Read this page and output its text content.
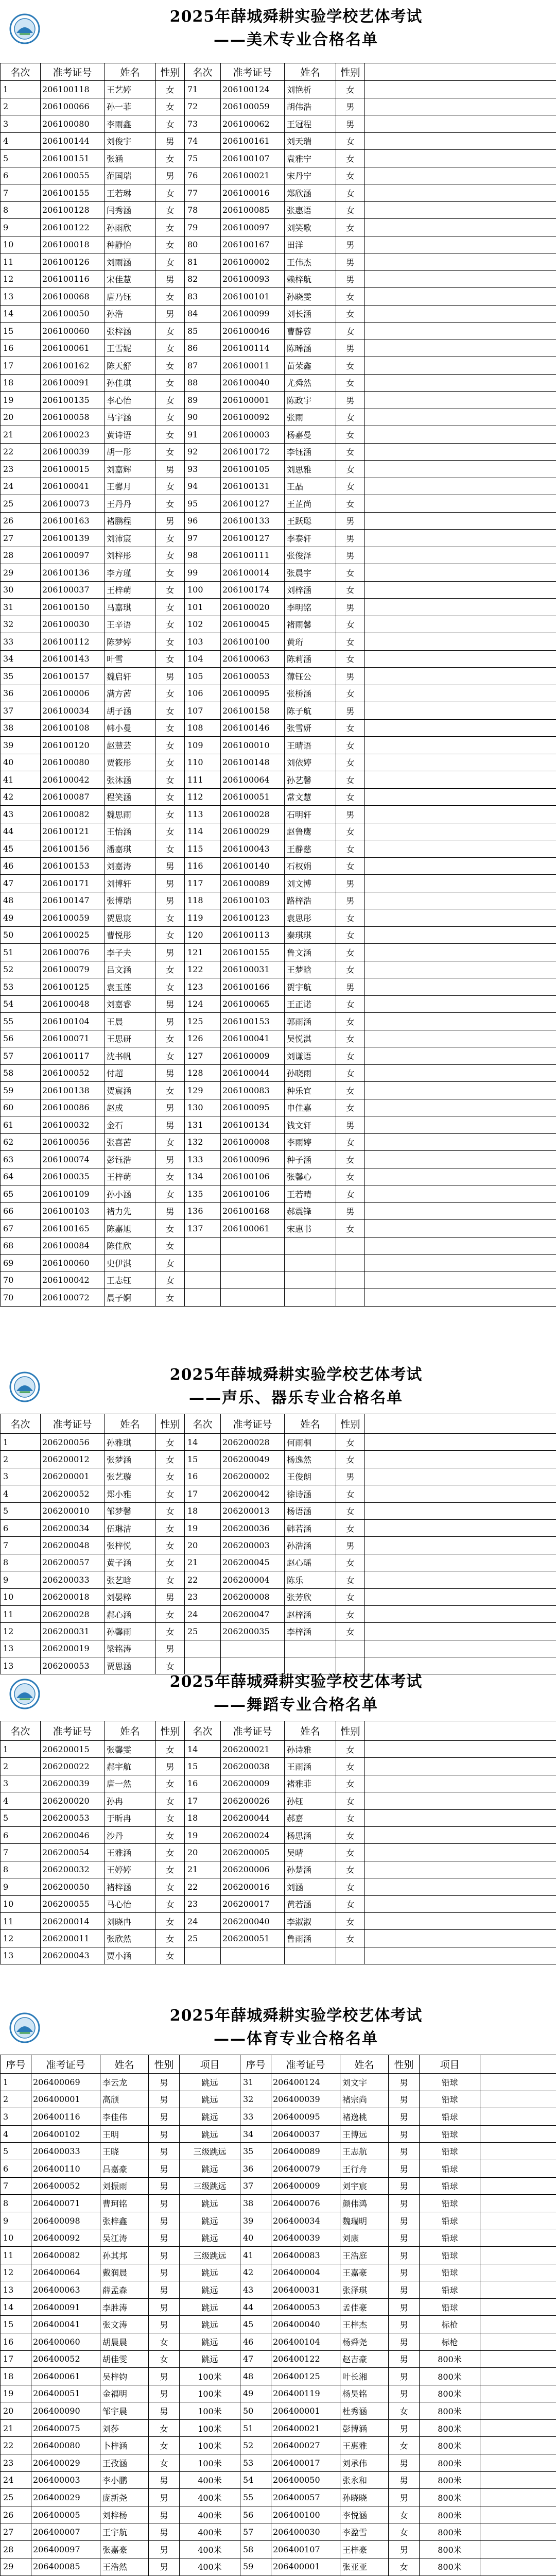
2025年薛城舜耕实验学校艺体考试
——美术专业合格名单
名次	准考证号	姓名	性别	名次	准考证号	姓名	性别	
1	206100118	王艺婷	女	71	206100124	刘艳析	女	
2	206100066	孙一菲	女	72	206100059	胡伟浩	男	
3	206100080	李雨鑫	女	73	206100062	王冠程	男	
4	206100144	刘俊宇	男	74	206100161	刘天瑞	女	
5	206100151	张涵	女	75	206100107	袁雅宁	女	
6	206100055	范国瑞	男	76	206100021	宋丹宁	女	
7	206100155	王若琳	女	77	206100016	郑欣涵	女	
8	206100128	闫秀涵	女	78	206100085	张惠语	女	
9	206100122	孙雨欣	女	79	206100097	刘笑歌	女	
10	206100018	种静怡	女	80	206100167	田洋	男	
11	206100126	刘雨涵	女	81	206100002	王伟杰	男	
12	206100116	宋佳慧	男	82	206100093	赖梓航	男	
13	206100068	唐乃钰	女	83	206100101	孙晓雯	女	
14	206100050	孙浩	男	84	206100099	刘长涵	女	
15	206100060	张梓涵	女	85	206100046	曹静蓉	女	
16	206100061	王雪妮	女	86	206100114	陈晞涵	男	
17	206100162	陈天舒	女	87	206100011	苗荣鑫	女	
18	206100091	孙佳琪	女	88	206100040	尤舜然	女	
19	206100135	李心怡	女	89	206100001	陈政宇	男	
20	206100058	马宇涵	女	90	206100092	张雨	女	
21	206100023	黄诗语	女	91	206100003	杨嘉曼	女	
22	206100039	胡一彤	女	92	206100172	李钰涵	女	
23	206100015	刘嘉辉	男	93	206100105	刘思雅	女	
24	206100041	王馨月	女	94	206100131	王晶	女	
25	206100073	王丹丹	女	95	206100127	王芷尚	女	
26	206100163	褚鹏程	男	96	206100133	王跃聪	男	
27	206100139	刘沛宸	女	97	206100127	李泰轩	男	
28	206100097	刘梓彤	女	98	206100111	张俊泽	男	
29	206100136	李方瑾	女	99	206100014	张晨宇	女	
30	206100037	王梓萌	女	100	206100174	刘梓涵	女	
31	206100150	马嘉琪	女	101	206100020	李明铭	男	
32	206100030	王辛语	女	102	206100045	褚雨馨	女	
33	206100112	陈梦婷	女	103	206100100	黄珩	女	
34	206100143	叶雪	女	104	206100063	陈莉涵	女	
35	206100157	魏启轩	男	105	206100053	薄钰公	男	
36	206100006	满方茜	女	106	206100095	张桥涵	女	
37	206100034	胡子涵	女	107	206100158	陈子航	男	
38	206100108	韩小曼	女	108	206100146	张雪妍	女	
39	206100120	赵慧芸	女	109	206100010	王晴语	女	
40	206100080	贾筱彤	女	110	206100148	刘依婷	女	
41	206100042	张沐涵	女	111	206100064	孙艺馨	女	
42	206100087	程笑涵	女	112	206100051	常文慧	女	
43	206100082	魏思雨	女	113	206100028	石明轩	男	
44	206100121	王怡涵	女	114	206100029	赵鲁鹰	女	
45	206100156	潘嘉琪	女	115	206100043	王静慈	女	
46	206100153	刘嘉涛	男	116	206100140	石权娟	女	
47	206100171	刘博轩	男	117	206100089	刘文博	男	
48	206100147	张博瑞	男	118	206100103	路梓浩	男	
49	206100059	贺思宸	女	119	206100123	袁思彤	女	
50	206100025	曹悦彤	女	120	206100113	秦琪琪	女	
51	206100076	李子夫	男	121	206100155	鲁文涵	女	
52	206100079	吕文涵	女	122	206100031	王梦晗	女	
53	206100125	袁玉莲	女	123	206100166	贺宇航	男	
54	206100048	刘嘉睿	男	124	206100065	王正诺	女	
55	206100104	王晨	男	125	206100153	郭雨涵	女	
56	206100071	王思研	女	126	206100041	吴悦淇	女	
57	206100117	沈书帆	女	127	206100009	刘谦语	女	
58	206100052	付超	男	128	206100044	孙晓雨	女	
59	206100138	贺宸涵	女	129	206100083	种乐宜	女	
60	206100086	赵成	男	130	206100095	申佳嘉	女	
61	206100032	金石	男	131	206100134	钱文轩	男	
62	206100056	张喜茜	女	132	206100008	李雨婷	女	
63	206100074	彭钰浩	男	133	206100096	种子涵	女	
64	206100035	王梓萌	女	134	206100106	张馨心	女	
65	206100109	孙小涵	女	135	206100106	王若晴	女	
66	206100103	褚力先	男	136	206100168	郝震锋	男	
67	206100165	陈嘉旭	女	137	206100061	宋惠书	女	
68	206100084	陈佳欣	女					
69	206100060	史伊淇	女					
70	206100042	王志钰	女					
70	206100072	晨子婀	女					
2025年薛城舜耕实验学校艺体考试
——声乐、器乐专业合格名单
名次	准考证号	姓名	性别	名次	准考证号	姓名	性别	
1	206200056	孙雅琪	女	14	206200028	何雨桐	女	
2	206200012	张梦涵	女	15	206200049	杨逸然	女	
3	206200001	张艺璇	女	16	206200002	王俊朗	男	
4	206200052	郑小雅	女	17	206200042	徐诗涵	女	
5	206200010	邹梦馨	女	18	206200013	杨语涵	女	
6	206200034	伍琳洁	女	19	206200036	韩若涵	女	
7	206200048	张梓悦	女	20	206200003	孙浩涵	男	
8	206200057	黄子涵	女	21	206200045	赵心瑶	女	
9	206200033	张艺晗	女	22	206200004	陈乐	女	
10	206200018	刘晏粹	男	23	206200008	张芳欣	女	
11	206200028	郝心涵	女	24	206200047	赵梓涵	女	
12	206200031	孙馨雨	女	25	206200035	李梓涵	女	
13	206200019	梁铭涛	男					
13	206200053	贾思涵	女					
2025年薛城舜耕实验学校艺体考试
——舞蹈专业合格名单
名次	准考证号	姓名	性别	名次	准考证号	姓名	性别	
1	206200015	张馨雯	女	14	206200021	孙诗雅	女	
2	206200022	郝宇航	男	15	206200038	王雨涵	女	
3	206200039	唐一然	女	16	206200009	褚雅菲	女	
4	206200020	孙冉	女	17	206200026	孙钰	女	
5	206200053	于昕冉	女	18	206200044	郝嘉	女	
6	206200046	沙丹	女	19	206200024	杨思涵	女	
7	206200054	王雅涵	女	20	206200005	吴晴	女	
8	206200032	王婷婷	女	21	206200006	孙楚涵	女	
9	206200050	褚梓涵	女	22	206200016	刘涵	女	
10	206200055	马心怡	女	23	206200017	黄若涵	女	
11	206200014	刘晓冉	女	24	206200040	李淑淑	女	
12	206200011	张欣然	女	25	206200051	鲁雨涵	女	
13	206200043	贾小涵	女					
2025年薛城舜耕实验学校艺体考试
——体育专业合格名单
序号	准考证号	姓名	性别	项目	序号	准考证号	姓名	性别	项目	
1	206400069	李云龙	男	跳远	31	206400124	刘文宇	男	铅球	
2	206400001	高颀	男	跳远	32	206400039	褚宗尚	男	铅球	
3	206400116	李佳伟	男	跳远	33	206400095	褚逸桃	男	铅球	
4	206400102	王明	男	跳远	34	206400037	王博远	男	铅球	
5	206400033	王晓	男	三级跳远	35	206400089	王志航	男	铅球	
6	206400110	吕嘉豪	男	跳远	36	206400079	王行舟	男	铅球	
7	206400052	刘振雨	男	三级跳远	37	206400009	刘宇宸	男	铅球	
8	206400071	曹珂铭	男	跳远	38	206400076	颜伟鸿	男	铅球	
9	206400098	张梓鑫	男	跳远	39	206400034	魏瑞明	男	铅球	
10	206400092	吴江涛	男	跳远	40	206400039	刘康	男	铅球	
11	206400082	孙其邦	男	三级跳远	41	206400083	王浩庭	男	铅球	
12	206400064	戴润晨	男	跳远	42	206400004	王嘉豪	男	铅球	
13	206400063	薛孟森	男	跳远	43	206400031	张泽琪	男	铅球	
14	206400091	李胜涛	男	跳远	44	206400053	孟佳豪	男	铅球	
15	206400041	张文涛	男	跳远	45	206400040	王梓杰	男	标枪	
16	206400060	胡晨晨	女	跳远	46	206400104	杨舜尧	男	标枪	
17	206400052	胡佳雯	女	跳远	47	206400122	赵吉豪	男	800米	
18	206400061	吴梓钧	男	100米	48	206400125	叶长湘	男	800米	
19	206400051	金福明	男	100米	49	206400119	杨昊铭	男	800米	
20	206400090	邹宇晨	男	100米	50	206400001	杜秀涵	女	800米	
21	206400075	刘莎	女	100米	51	206400021	彭博涵	男	800米	
22	206400080	卜梓涵	女	100米	52	206400027	王惠雅	女	800米	
23	206400029	王孜涵	女	100米	53	206400017	刘承伟	男	800米	
24	206400003	李小鹏	男	400米	54	206400050	张永和	男	800米	
25	206400029	庞新尧	男	400米	55	206400057	孙晓晓	男	800米	
26	206400005	刘梓杨	男	400米	56	206400100	李悦涵	女	800米	
27	206400007	王宇航	男	400米	57	206400030	李盈雪	女	800米	
28	206400097	张嘉豪	男	400米	58	206400107	王梓豪	男	800米	
29	206400085	王浩然	男	400米	59	206400001	张亚亚	女	800米	
